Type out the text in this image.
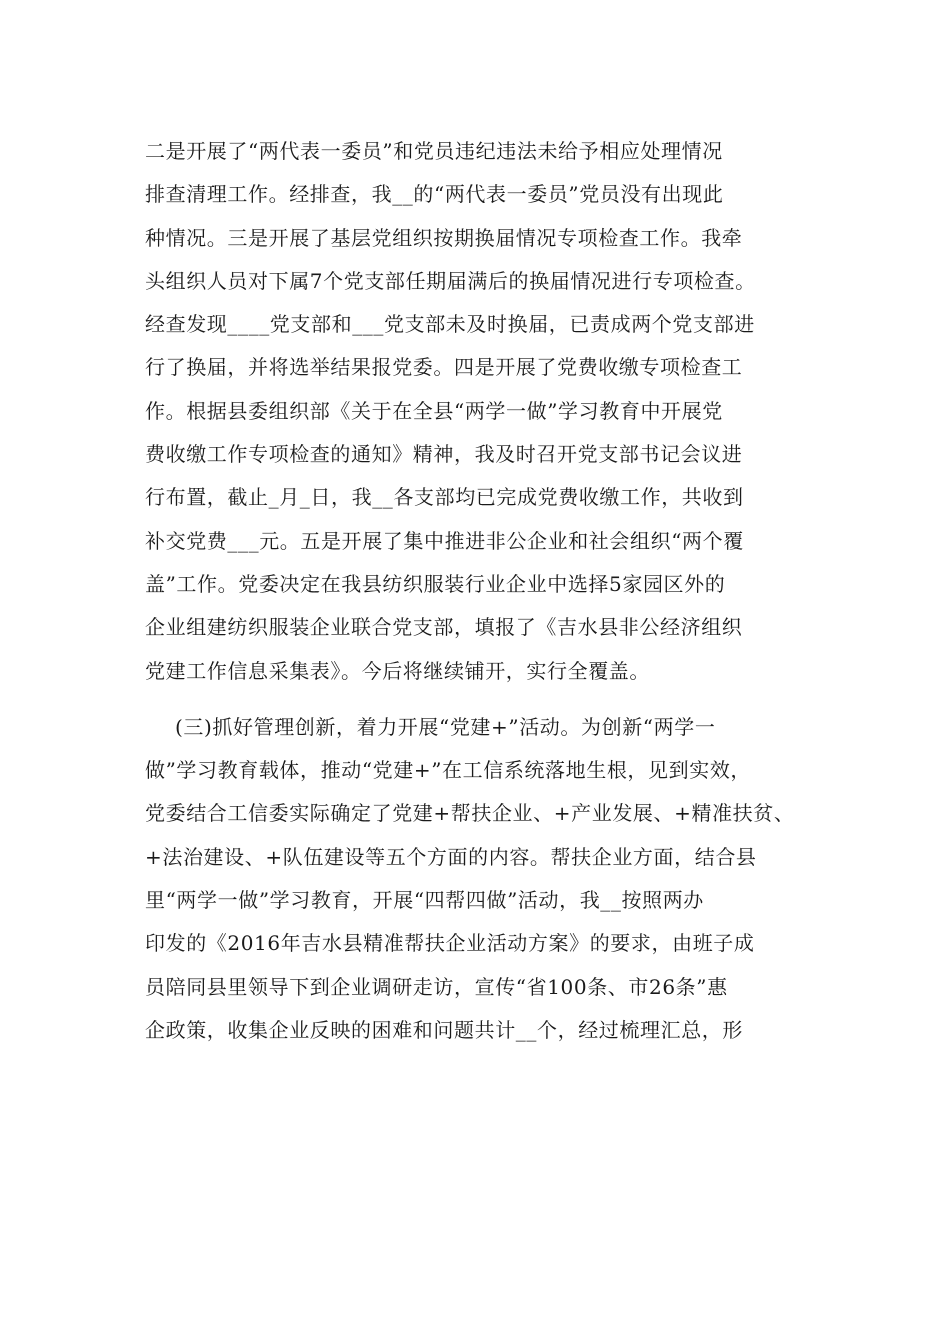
二是开展了“两代表一委员”和党员违纪违法未给予相应处理情况
排查清理工作。经排查，我__的“两代表一委员”党员没有出现此
种情况。三是开展了基层党组织按期换届情况专项检查工作。我牵
头组织人员对下属7个党支部任期届满后的换届情况进行专项检查。
经查发现____党支部和___党支部未及时换届，已责成两个党支部进
行了换届，并将选举结果报党委。四是开展了党费收缴专项检查工
作。根据县委组织部《关于在全县“两学一做”学习教育中开展党
费收缴工作专项检查的通知》精神，我及时召开党支部书记会议进
行布置，截止_月_日，我__各支部均已完成党费收缴工作，共收到
补交党费___元。五是开展了集中推进非公企业和社会组织“两个覆
盖”工作。党委决定在我县纺织服装行业企业中选择5家园区外的
企业组建纺织服装企业联合党支部，填报了《吉水县非公经济组织
党建工作信息采集表》。今后将继续铺开，实行全覆盖。
(三)抓好管理创新，着力开展“党建+”活动。为创新“两学一
做”学习教育载体，推动“党建+”在工信系统落地生根，见到实效，
党委结合工信委实际确定了党建+帮扶企业、+产业发展、+精准扶贫、
+法治建设、+队伍建设等五个方面的内容。帮扶企业方面，结合县
里“两学一做”学习教育，开展“四帮四做”活动，我__按照两办
印发的《2016年吉水县精准帮扶企业活动方案》的要求，由班子成
员陪同县里领导下到企业调研走访，宣传“省100条、市26条”惠
企政策，收集企业反映的困难和问题共计__个，经过梳理汇总，形
